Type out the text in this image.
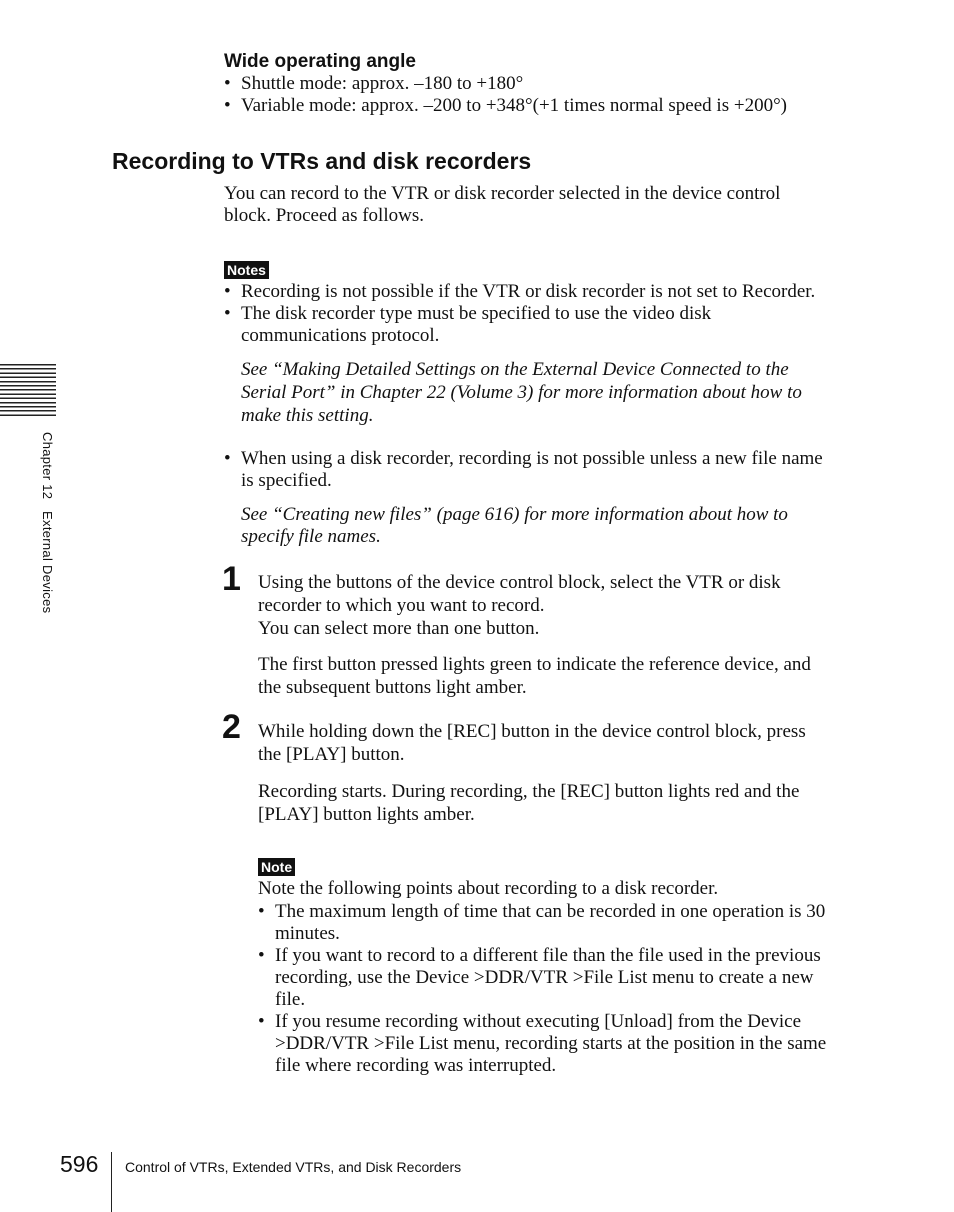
Chapter 12   External Devices
Wide operating angle
• Shuttle mode: approx. –180 to +180°
• Variable mode: approx. –200 to +348°(+1 times normal speed is +200°)
Recording to VTRs and disk recorders
You can record to the VTR or disk recorder selected in the device control
block. Proceed as follows.
Notes
• Recording is not possible if the VTR or disk recorder is not set to Recorder.
• The disk recorder type must be specified to use the video disk
communications protocol.
See “Making Detailed Settings on the External Device Connected to the
Serial Port” in Chapter 22 (Volume 3) for more information about how to
make this setting.
• When using a disk recorder, recording is not possible unless a new file name
is specified.
See “Creating new files” (page 616) for more information about how to
specify file names.
1 Using the buttons of the device control block, select the VTR or disk
recorder to which you want to record.
You can select more than one button.
The first button pressed lights green to indicate the reference device, and
the subsequent buttons light amber.
2 While holding down the [REC] button in the device control block, press
the [PLAY] button.
Recording starts. During recording, the [REC] button lights red and the
[PLAY] button lights amber.
Note
Note the following points about recording to a disk recorder.
• The maximum length of time that can be recorded in one operation is 30
minutes.
• If you want to record to a different file than the file used in the previous
recording, use the Device >DDR/VTR >File List menu to create a new
file.
• If you resume recording without executing [Unload] from the Device
>DDR/VTR >File List menu, recording starts at the position in the same
file where recording was interrupted.
596 Control of VTRs, Extended VTRs, and Disk Recorders
